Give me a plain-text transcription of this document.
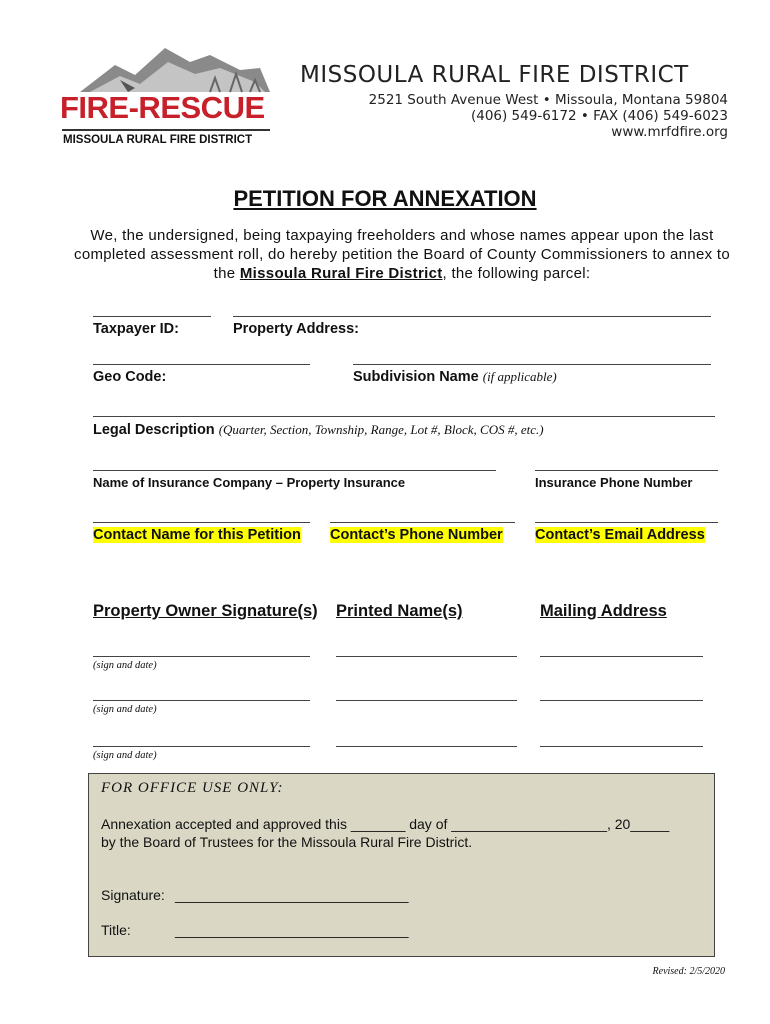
FIRE-RESCUE
MISSOULA RURAL FIRE DISTRICT
MISSOULA RURAL FIRE DISTRICT
2521 South Avenue West • Missoula, Montana 59804
(406) 549-6172 • FAX (406) 549-6023
www.mrfdfire.org
PETITION FOR ANNEXATION
We, the undersigned, being taxpaying freeholders and whose names appear upon the last completed assessment roll, do hereby petition the Board of County Commissioners to annex to the Missoula Rural Fire District, the following parcel:
Taxpayer ID:	Property Address:
Geo Code:	Subdivision Name (if applicable)
Legal Description (Quarter, Section, Township, Range, Lot #, Block, COS #, etc.)
Name of Insurance Company – Property Insurance	Insurance Phone Number
Contact Name for this Petition Contact’s Phone Number Contact’s Email Address
Property Owner Signature(s) Printed Name(s)	Mailing Address
(sign and date)
(sign and date)
(sign and date)
FOR OFFICE USE ONLY:
Annexation accepted and approved this _______ day of ____________________, 20_____
by the Board of Trustees for the Missoula Rural Fire District.
Signature: ______________________________
Title:	______________________________
Revised: 2/5/2020
